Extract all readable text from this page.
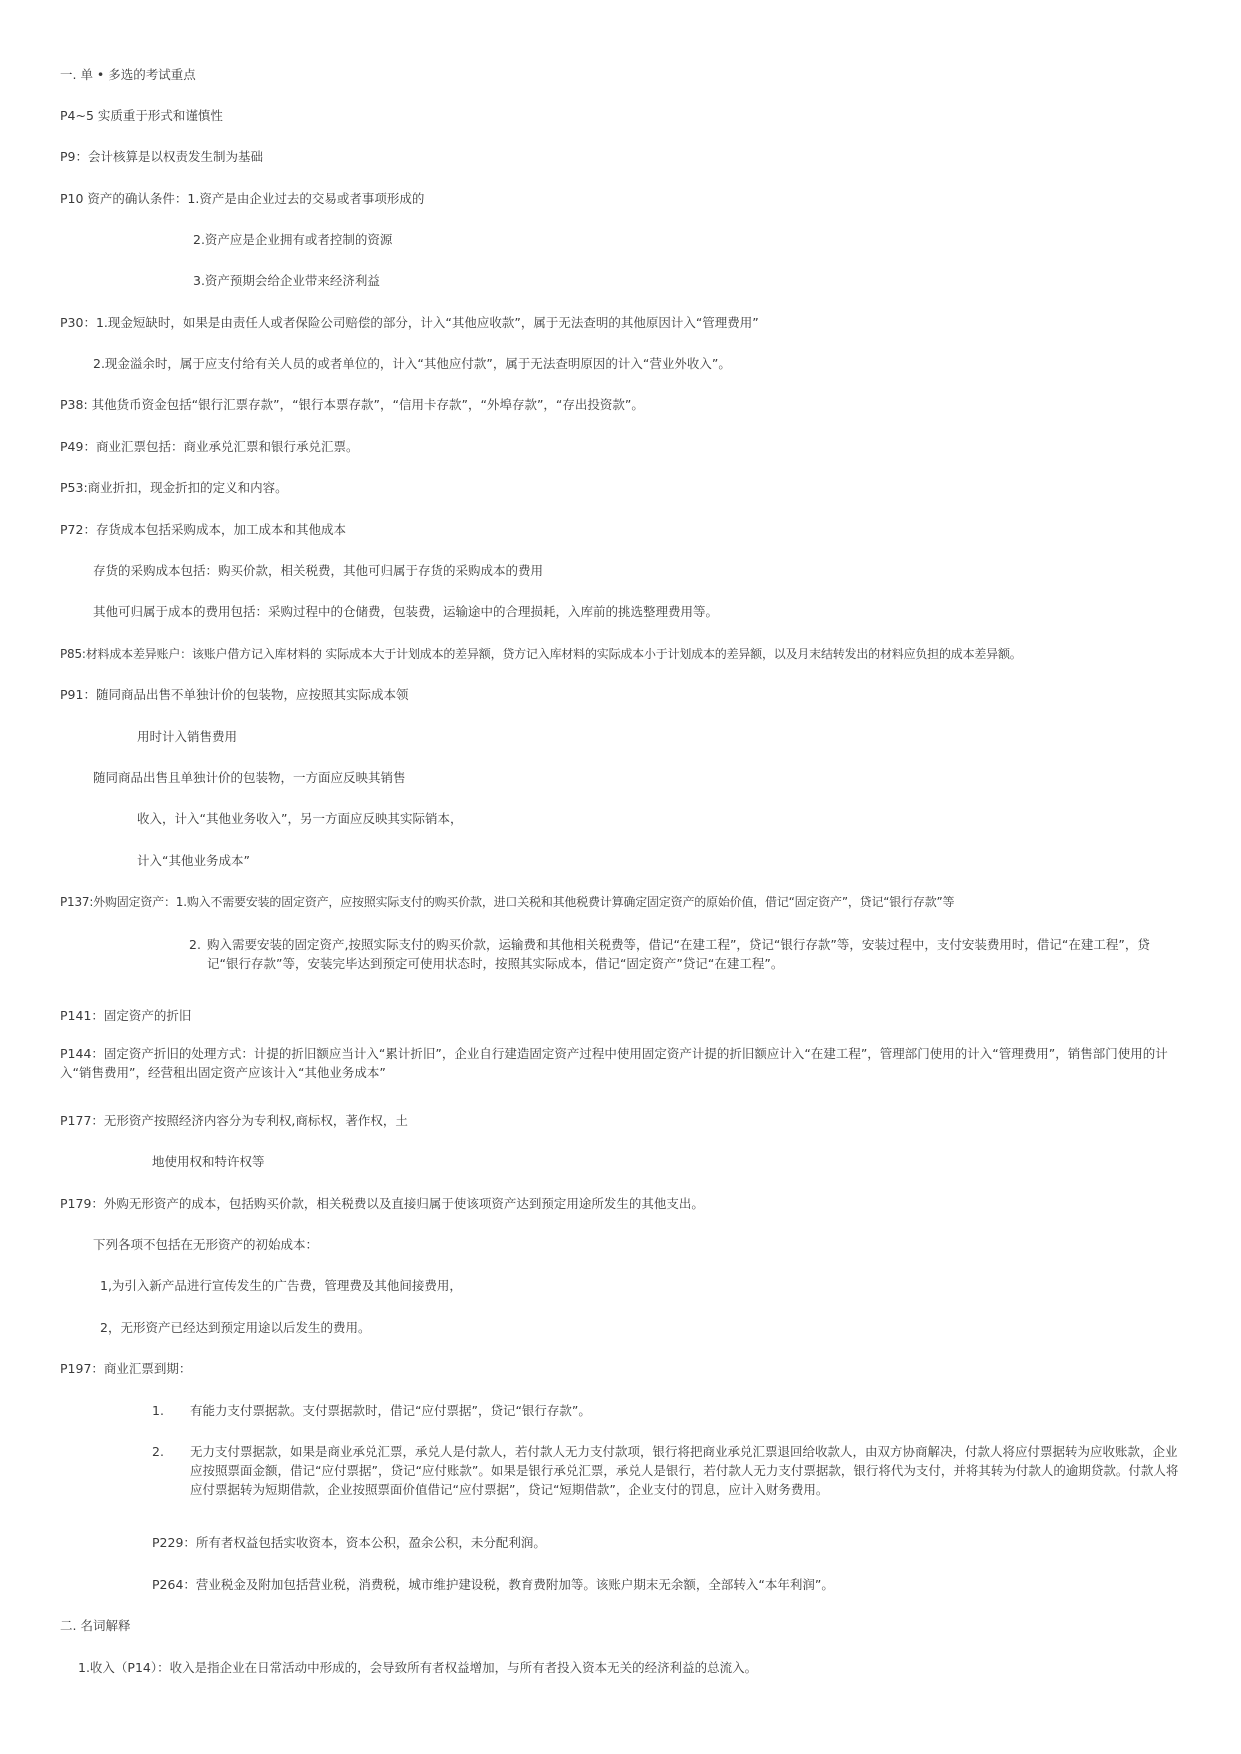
一. 单 • 多选的考试重点
P4~5 实质重于形式和谨慎性
P9：会计核算是以权责发生制为基础
P10 资产的确认条件：1.资产是由企业过去的交易或者事项形成的
2.资产应是企业拥有或者控制的资源
3.资产预期会给企业带来经济利益
P30：1.现金短缺时，如果是由责任人或者保险公司赔偿的部分，计入“其他应收款”，属于无法查明的其他原因计入“管理费用”
2.现金溢余时，属于应支付给有关人员的或者单位的，计入“其他应付款”，属于无法查明原因的计入“营业外收入”。
P38: 其他货币资金包括“银行汇票存款”，“银行本票存款”，“信用卡存款”，“外埠存款”，“存出投资款”。
P49：商业汇票包括：商业承兑汇票和银行承兑汇票。
P53:商业折扣，现金折扣的定义和内容。
P72：存货成本包括采购成本，加工成本和其他成本
存货的采购成本包括：购买价款，相关税费，其他可归属于存货的采购成本的费用
其他可归属于成本的费用包括：采购过程中的仓储费，包装费，运输途中的合理损耗，入库前的挑选整理费用等。
P85:材料成本差异账户：该账户借方记入库材料的 实际成本大于计划成本的差异额，贷方记入库材料的实际成本小于计划成本的差异额，以及月末结转发出的材料应负担的成本差异额。
P91：随同商品出售不单独计价的包装物，应按照其实际成本领
用时计入销售费用
随同商品出售且单独计价的包装物，一方面应反映其销售
收入，计入“其他业务收入”，另一方面应反映其实际销本，
计入“其他业务成本”
P137:外购固定资产：1.购入不需要安装的固定资产，应按照实际支付的购买价款，进口关税和其他税费计算确定固定资产的原始价值，借记“固定资产”，贷记“银行存款”等
2. 购入需要安装的固定资产,按照实际支付的购买价款，运输费和其他相关税费等，借记“在建工程”，贷记“银行存款”等，安装过程中，支付安装费用时，借记“在建工程”，贷记“银行存款”等，安装完毕达到预定可使用状态时，按照其实际成本，借记“固定资产”贷记“在建工程”。
P141：固定资产的折旧
P144：固定资产折旧的处理方式：计提的折旧额应当计入“累计折旧”，企业自行建造固定资产过程中使用固定资产计提的折旧额应计入“在建工程”，管理部门使用的计入“管理费用”，销售部门使用的计入“销售费用”，经营租出固定资产应该计入“其他业务成本”
P177：无形资产按照经济内容分为专利权,商标权，著作权，土
地使用权和特许权等
P179：外购无形资产的成本，包括购买价款，相关税费以及直接归属于使该项资产达到预定用途所发生的其他支出。
下列各项不包括在无形资产的初始成本：
1,为引入新产品进行宣传发生的广告费，管理费及其他间接费用，
2，无形资产已经达到预定用途以后发生的费用。
P197：商业汇票到期：
1. 有能力支付票据款。支付票据款时，借记“应付票据”，贷记“银行存款”。
2. 无力支付票据款，如果是商业承兑汇票，承兑人是付款人，若付款人无力支付款项，银行将把商业承兑汇票退回给收款人，由双方协商解决，付款人将应付票据转为应收账款，企业应按照票面金额，借记“应付票据”，贷记“应付账款”。如果是银行承兑汇票，承兑人是银行，若付款人无力支付票据款，银行将代为支付，并将其转为付款人的逾期贷款。付款人将应付票据转为短期借款，企业按照票面价值借记“应付票据”，贷记“短期借款”，企业支付的罚息，应计入财务费用。
P229：所有者权益包括实收资本，资本公积，盈余公积，未分配利润。
P264：营业税金及附加包括营业税，消费税，城市维护建设税，教育费附加等。该账户期末无余额，全部转入“本年利润”。
二. 名词解释
1.收入（P14）：收入是指企业在日常活动中形成的，会导致所有者权益增加，与所有者投入资本无关的经济利益的总流入。
